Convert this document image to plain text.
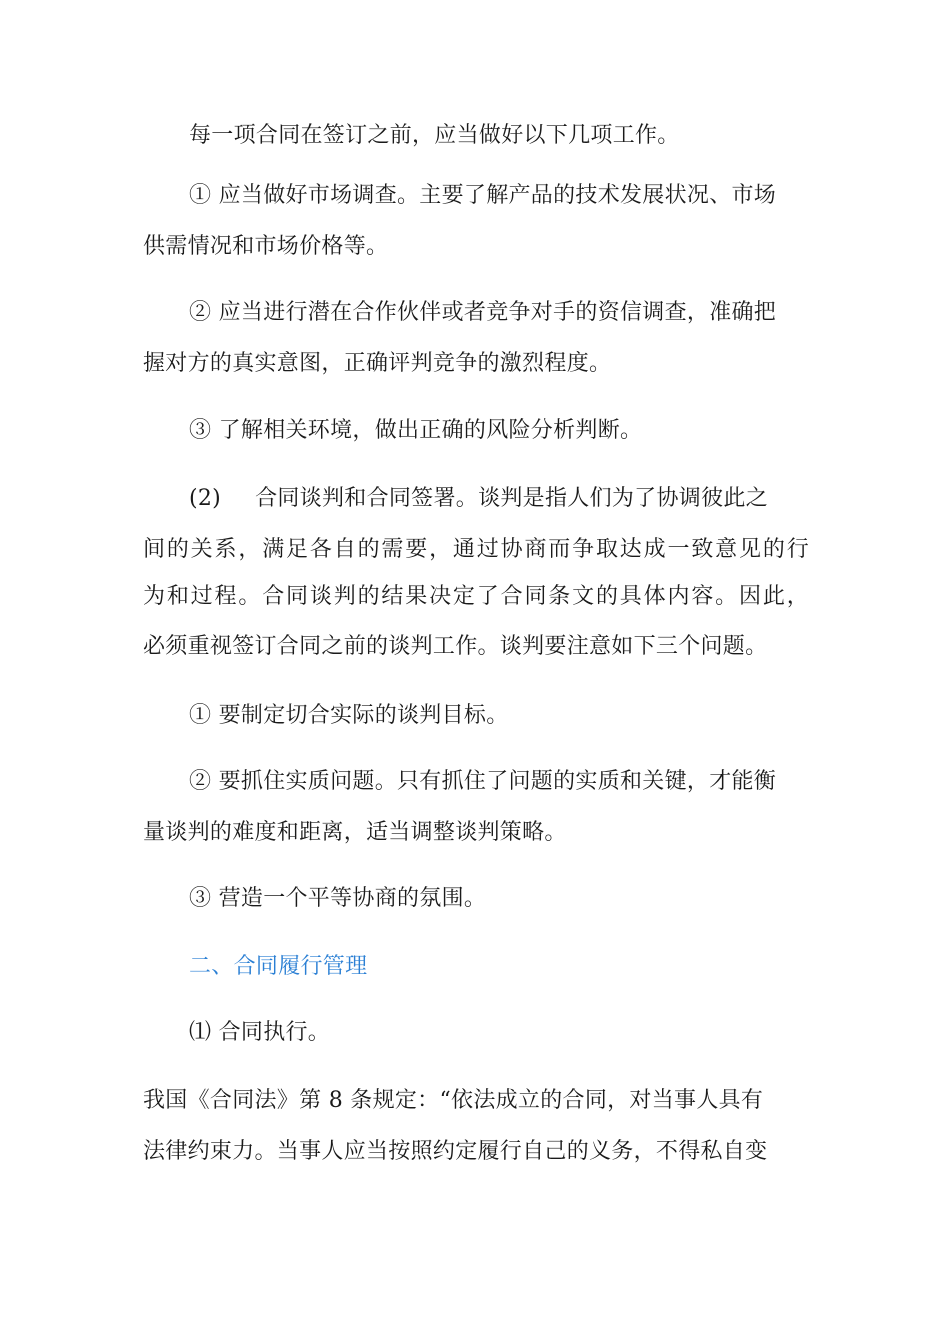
每一项合同在签订之前，应当做好以下几项工作。
① 应当做好市场调查。主要了解产品的技术发展状况、市场
供需情况和市场价格等。
② 应当进行潜在合作伙伴或者竞争对手的资信调查，准确把
握对方的真实意图，正确评判竞争的激烈程度。
③ 了解相关环境，做出正确的风险分析判断。
(2) 合同谈判和合同签署。谈判是指人们为了协调彼此之
间的关系，满足各自的需要，通过协商而争取达成一致意见的行
为和过程。合同谈判的结果决定了合同条文的具体内容。因此，
必须重视签订合同之前的谈判工作。谈判要注意如下三个问题。
① 要制定切合实际的谈判目标。
② 要抓住实质问题。只有抓住了问题的实质和关键，才能衡
量谈判的难度和距离，适当调整谈判策略。
③ 营造一个平等协商的氛围。
二、合同履行管理
⑴ 合同执行。
我国《合同法》第 8 条规定：“依法成立的合同，对当事人具有
法律约束力。当事人应当按照约定履行自己的义务，不得私自变
